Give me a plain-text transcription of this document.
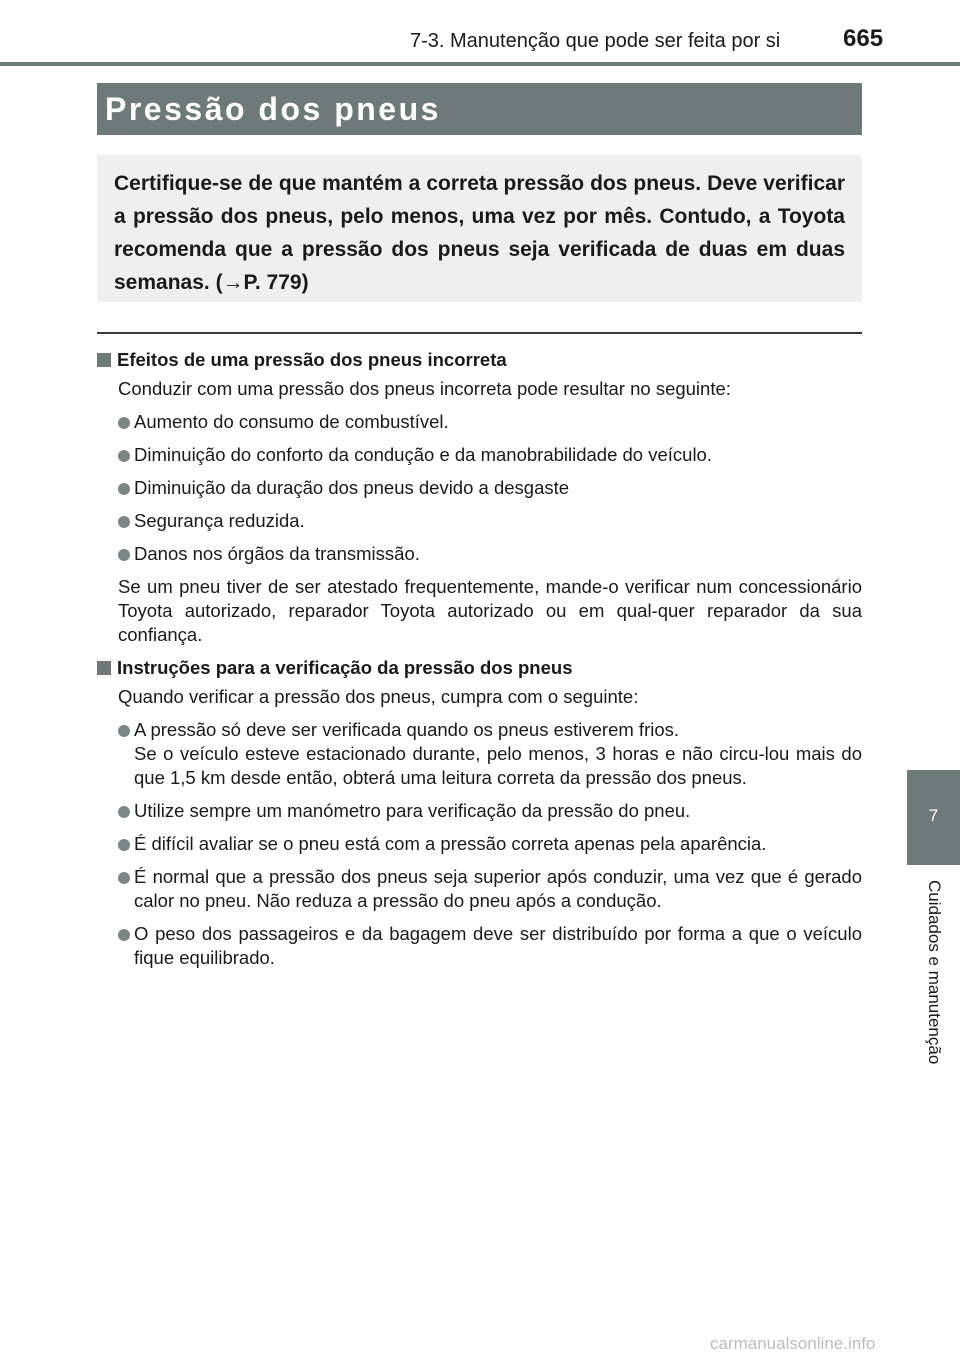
7-3. Manutenção que pode ser feita por si	665
Pressão dos pneus

Certifique-se de que mantém a correta pressão dos pneus. Deve verificar a pressão dos pneus, pelo menos, uma vez por mês. Contudo, a Toyota recomenda que a pressão dos pneus seja verificada de duas em duas semanas. (→P. 779)

Efeitos de uma pressão dos pneus incorreta
Conduzir com uma pressão dos pneus incorreta pode resultar no seguinte:
Aumento do consumo de combustível.
Diminuição do conforto da condução e da manobrabilidade do veículo.
Diminuição da duração dos pneus devido a desgaste
Segurança reduzida.
Danos nos órgãos da transmissão.
Se um pneu tiver de ser atestado frequentemente, mande-o verificar num concessionário Toyota autorizado, reparador Toyota autorizado ou em qual-quer reparador da sua confiança.
Instruções para a verificação da pressão dos pneus
Quando verificar a pressão dos pneus, cumpra com o seguinte:
A pressão só deve ser verificada quando os pneus estiverem frios.
Se o veículo esteve estacionado durante, pelo menos, 3 horas e não circu-lou mais do que 1,5 km desde então, obterá uma leitura correta da pressão dos pneus.
Utilize sempre um manómetro para verificação da pressão do pneu.
É difícil avaliar se o pneu está com a pressão correta apenas pela aparência.
É normal que a pressão dos pneus seja superior após conduzir, uma vez que é gerado calor no pneu. Não reduza a pressão do pneu após a condução.
O peso dos passageiros e da bagagem deve ser distribuído por forma a que o veículo fique equilibrado.
7
Cuidados e manutenção
carmanualsonline.info
